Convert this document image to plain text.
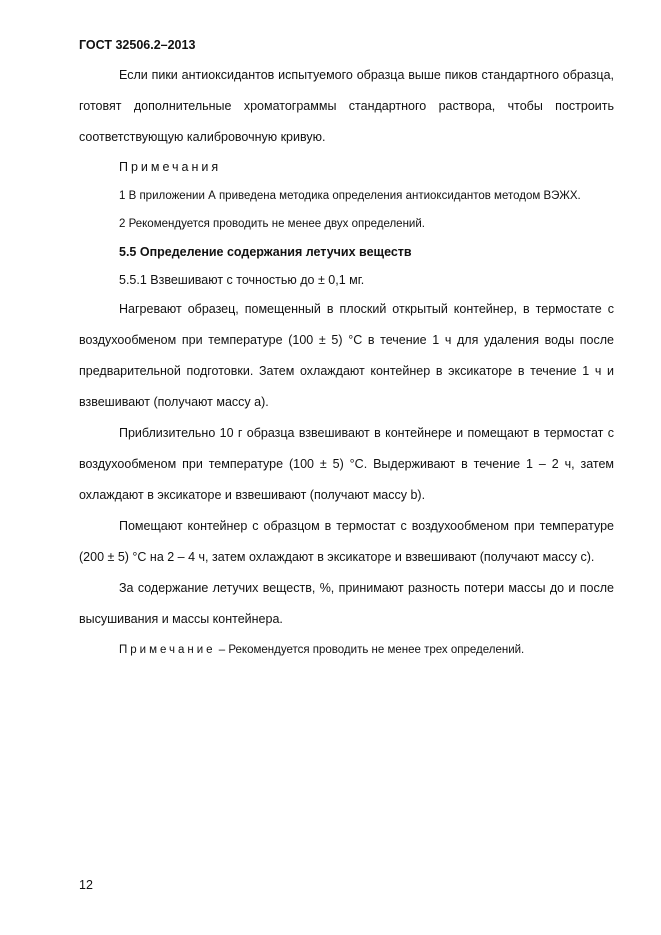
ГОСТ 32506.2–2013

Если пики антиоксидантов испытуемого образца выше пиков стандартного образца, готовят дополнительные хроматограммы стандартного раствора, чтобы построить соответствующую калибровочную кривую.

Примечания

1 В приложении А приведена методика определения антиоксидантов методом ВЭЖХ.

2 Рекомендуется проводить не менее двух определений.

5.5 Определение содержания летучих веществ

5.5.1 Взвешивают с точностью до ± 0,1 мг.

Нагревают образец, помещенный в плоский открытый контейнер, в термостате с воздухообменом при температуре (100 ± 5) °С в течение 1 ч для удаления воды после предварительной подготовки. Затем охлаждают контейнер в эксикаторе в течение 1 ч и взвешивают (получают массу a).

Приблизительно 10 г образца взвешивают в контейнере и помещают в термостат с воздухообменом при температуре (100 ± 5) °С. Выдерживают в течение 1 – 2 ч, затем охлаждают в эксикаторе и взвешивают (получают массу b).

Помещают контейнер с образцом в термостат с воздухообменом при температуре (200 ± 5) °С на 2 – 4 ч, затем охлаждают в эксикаторе и взвешивают (получают массу c).

За содержание летучих веществ, %, принимают разность потери массы до и после высушивания и массы контейнера.

Примечание – Рекомендуется проводить не менее трех определений.

12
